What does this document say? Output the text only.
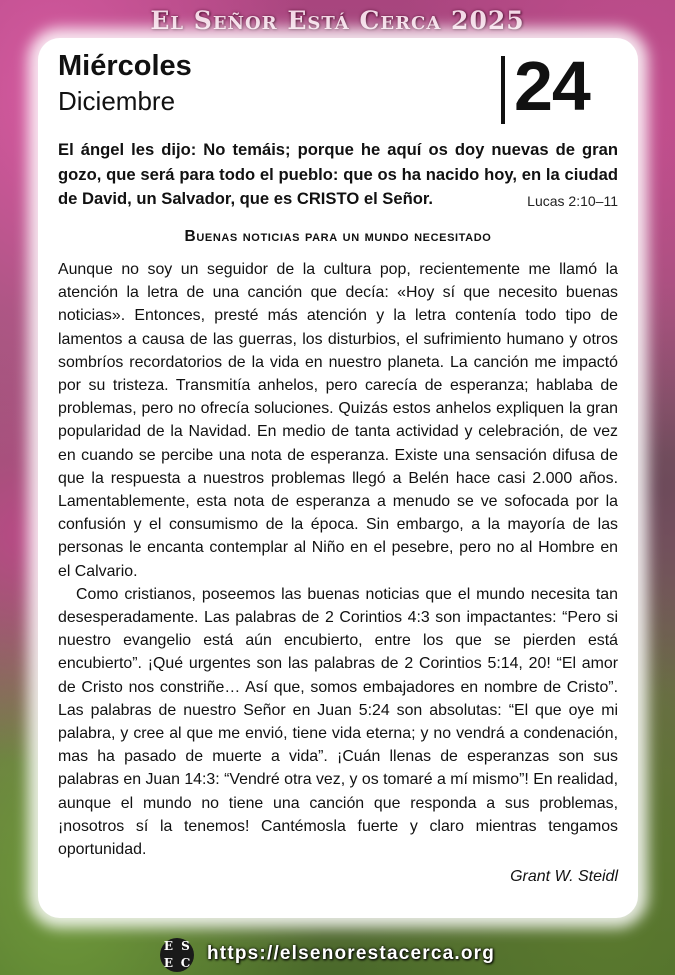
El Señor Está Cerca 2025
Miércoles
Diciembre	24
El ángel les dijo: No temáis; porque he aquí os doy nuevas de gran gozo, que será para todo el pueblo: que os ha nacido hoy, en la ciudad de David, un Salvador, que es CRISTO el Señor.	Lucas 2:10–11
Buenas noticias para un mundo necesitado

Aunque no soy un seguidor de la cultura pop, recientemente me llamó la atención la letra de una canción que decía: «Hoy sí que necesito buenas noticias». Entonces, presté más atención y la letra contenía todo tipo de lamentos a causa de las guerras, los disturbios, el sufrimiento humano y otros sombríos recordatorios de la vida en nuestro planeta. La canción me impactó por su tristeza. Transmitía anhelos, pero carecía de esperanza; hablaba de problemas, pero no ofrecía soluciones. Quizás estos anhelos expliquen la gran popularidad de la Navidad. En medio de tanta actividad y celebración, de vez en cuando se percibe una nota de esperanza. Existe una sensación difusa de que la respuesta a nuestros problemas llegó a Belén hace casi 2.000 años. Lamentablemente, esta nota de esperanza a menudo se ve sofocada por la confusión y el consumismo de la época. Sin embargo, a la mayoría de las personas le encanta contemplar al Niño en el pesebre, pero no al Hombre en el Calvario.

Como cristianos, poseemos las buenas noticias que el mundo necesita tan desesperadamente. Las palabras de 2 Corintios 4:3 son impactantes: “Pero si nuestro evangelio está aún encubierto, entre los que se pierden está encubierto”. ¡Qué urgentes son las palabras de 2 Corintios 5:14, 20! “El amor de Cristo nos constriñe… Así que, somos embajadores en nombre de Cristo”. Las palabras de nuestro Señor en Juan 5:24 son absolutas: “El que oye mi palabra, y cree al que me envió, tiene vida eterna; y no vendrá a condenación, mas ha pasado de muerte a vida”. ¡Cuán llenas de esperanzas son sus palabras en Juan 14:3: “Vendré otra vez, y os tomaré a mí mismo”! En realidad, aunque el mundo no tiene una canción que responda a sus problemas, ¡nosotros sí la tenemos! Cantémosla fuerte y claro mientras tengamos oportunidad.

Grant W. Steidl
E S
E C https://elsenorestacerca.org
